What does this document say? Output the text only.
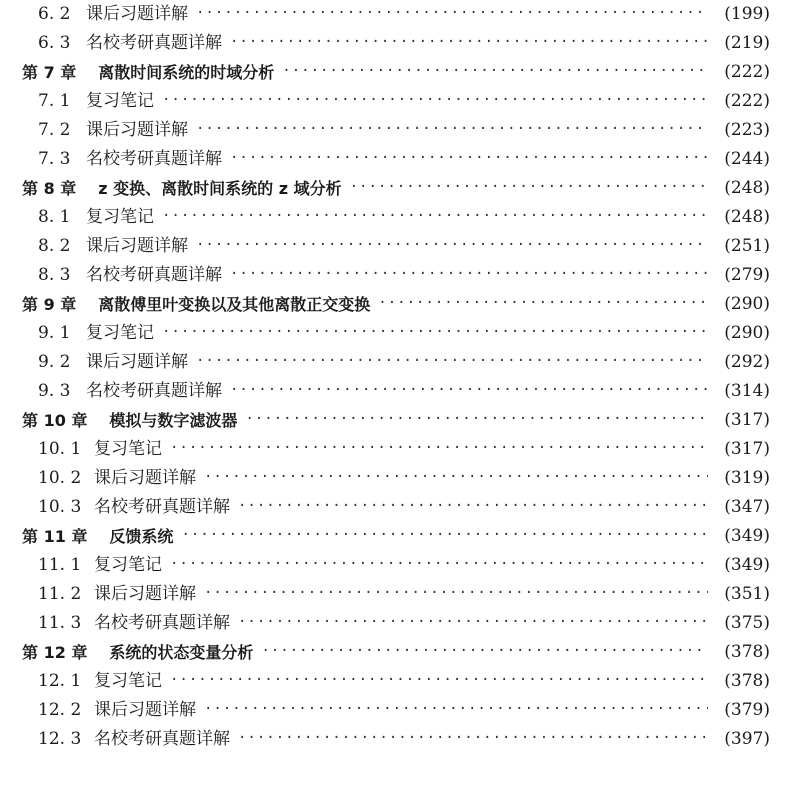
6. 2 课后习题详解 ·····	(199)
6. 3 名校考研真题详解 ·····	(219)
第 7 章 离散时间系统的时域分析 ·····	(222)
7. 1 复习笔记 ·····	(222)
7. 2 课后习题详解 ·····	(223)
7. 3 名校考研真题详解 ·····	(244)
第 8 章 z 变换、离散时间系统的 z 域分析 ·····	(248)
8. 1 复习笔记 ·····	(248)
8. 2 课后习题详解 ·····	(251)
8. 3 名校考研真题详解 ·····	(279)
第 9 章 离散傅里叶变换以及其他离散正交变换 ·····	(290)
9. 1 复习笔记 ·····	(290)
9. 2 课后习题详解 ·····	(292)
9. 3 名校考研真题详解 ·····	(314)
第 10 章 模拟与数字滤波器 ·····	(317)
10. 1 复习笔记 ·····	(317)
10. 2 课后习题详解 ·····	(319)
10. 3 名校考研真题详解 ·····	(347)
第 11 章 反馈系统 ·····	(349)
11. 1 复习笔记 ·····	(349)
11. 2 课后习题详解 ·····	(351)
11. 3 名校考研真题详解 ·····	(375)
第 12 章 系统的状态变量分析 ·····	(378)
12. 1 复习笔记 ·····	(378)
12. 2 课后习题详解 ·····	(379)
12. 3 名校考研真题详解 ·····	(397)
